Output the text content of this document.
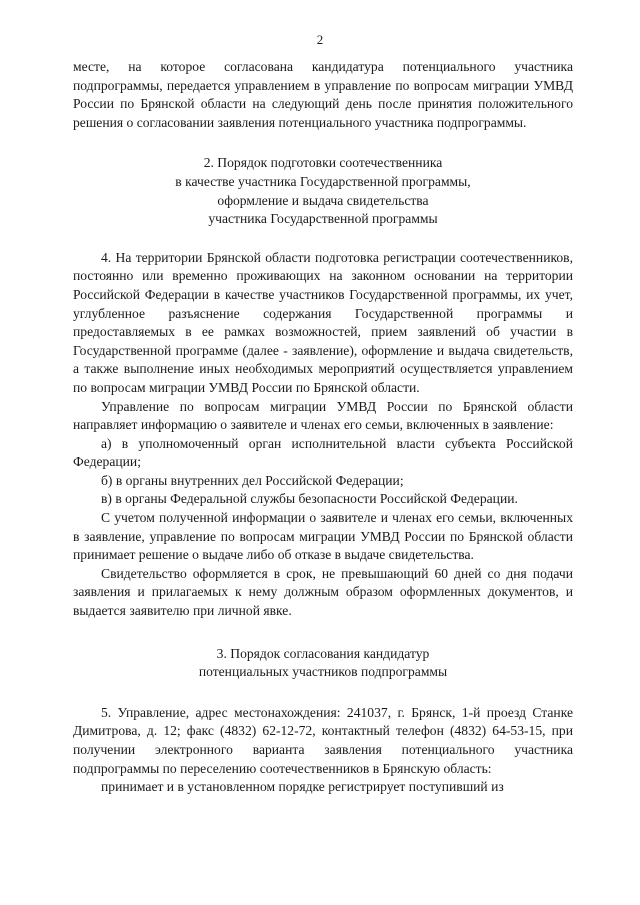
2

месте, на которое согласована кандидатура потенциального участника подпрограммы, передается управлением в управление по вопросам миграции УМВД России по Брянской области на следующий день после принятия положительного решения о согласовании заявления потенциального участника подпрограммы.

2. Порядок подготовки соотечественника
в качестве участника Государственной программы,
оформление и выдача свидетельства
участника Государственной программы

4. На территории Брянской области подготовка регистрации соотечественников, постоянно или временно проживающих на законном основании на территории Российской Федерации в качестве участников Государственной программы, их учет, углубленное разъяснение содержания Государственной программы и предоставляемых в ее рамках возможностей, прием заявлений об участии в Государственной программе (далее - заявление), оформление и выдача свидетельств, а также выполнение иных необходимых мероприятий осуществляется управлением по вопросам миграции УМВД России по Брянской области.

Управление по вопросам миграции УМВД России по Брянской области направляет информацию о заявителе и членах его семьи, включенных в заявление:

а) в уполномоченный орган исполнительной власти субъекта Российской Федерации;

б) в органы внутренних дел Российской Федерации;

в) в органы Федеральной службы безопасности Российской Федерации.

С учетом полученной информации о заявителе и членах его семьи, включенных в заявление, управление по вопросам миграции УМВД России по Брянской области принимает решение о выдаче либо об отказе в выдаче свидетельства.

Свидетельство оформляется в срок, не превышающий 60 дней со дня подачи заявления и прилагаемых к нему должным образом оформленных документов, и выдается заявителю при личной явке.

3. Порядок согласования кандидатур
потенциальных участников подпрограммы

5. Управление, адрес местонахождения: 241037, г. Брянск, 1-й проезд Станке Димитрова, д. 12; факс (4832) 62-12-72, контактный телефон (4832) 64-53-15, при получении электронного варианта заявления потенциального участника подпрограммы по переселению соотечественников в Брянскую область:

принимает и в установленном порядке регистрирует поступивший из
